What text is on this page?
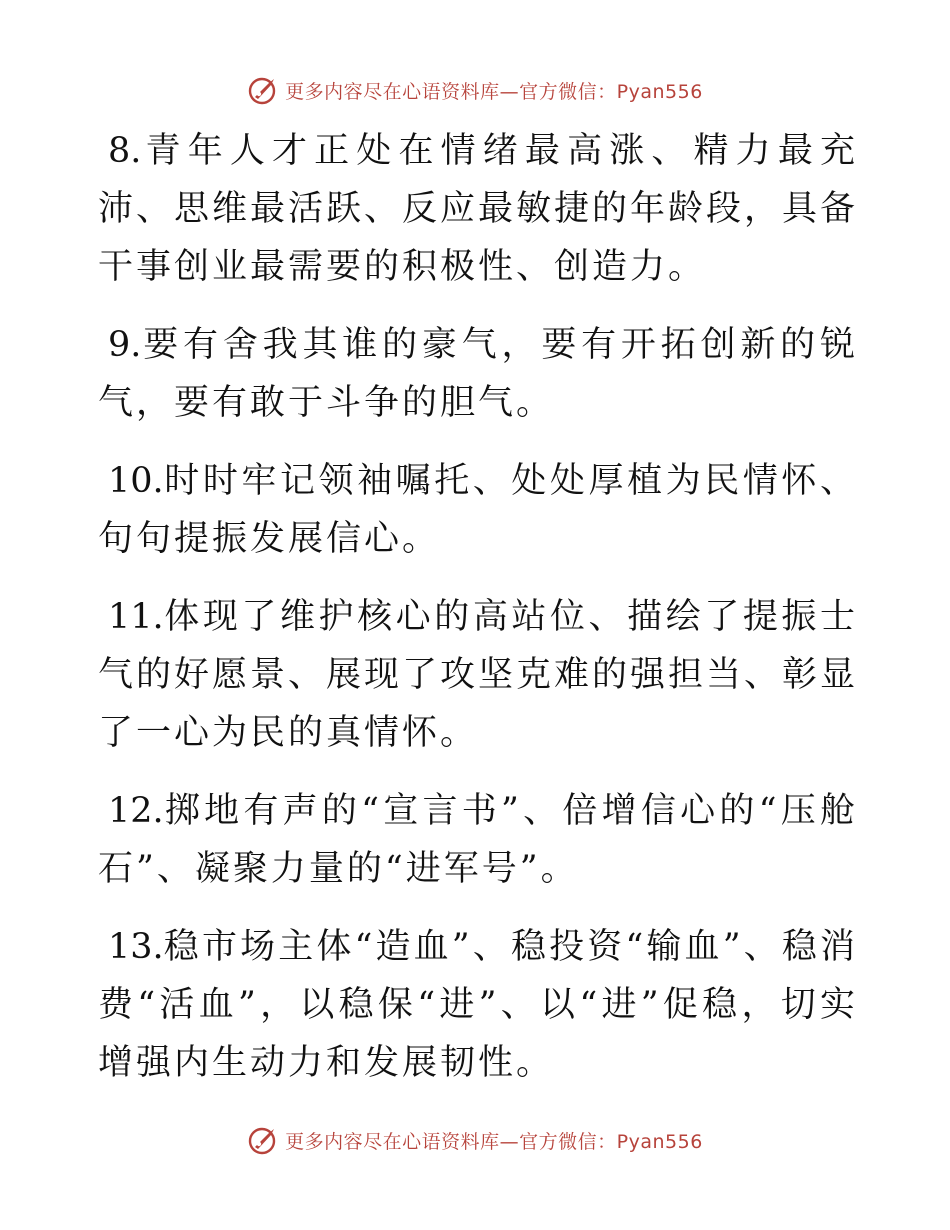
更多内容尽在心语资料库—官方微信：Pyan556

8.青年人才正处在情绪最高涨、精力最充沛、思维最活跃、反应最敏捷的年龄段，具备干事创业最需要的积极性、创造力。

9.要有舍我其谁的豪气，要有开拓创新的锐气，要有敢于斗争的胆气。

10.时时牢记领袖嘱托、处处厚植为民情怀、句句提振发展信心。

11.体现了维护核心的高站位、描绘了提振士气的好愿景、展现了攻坚克难的强担当、彰显了一心为民的真情怀。

12.掷地有声的“宣言书”、倍增信心的“压舱石”、凝聚力量的“进军号”。

13.稳市场主体“造血”、稳投资“输血”、稳消费“活血”，以稳保“进”、以“进”促稳，切实增强内生动力和发展韧性。

更多内容尽在心语资料库—官方微信：Pyan556
